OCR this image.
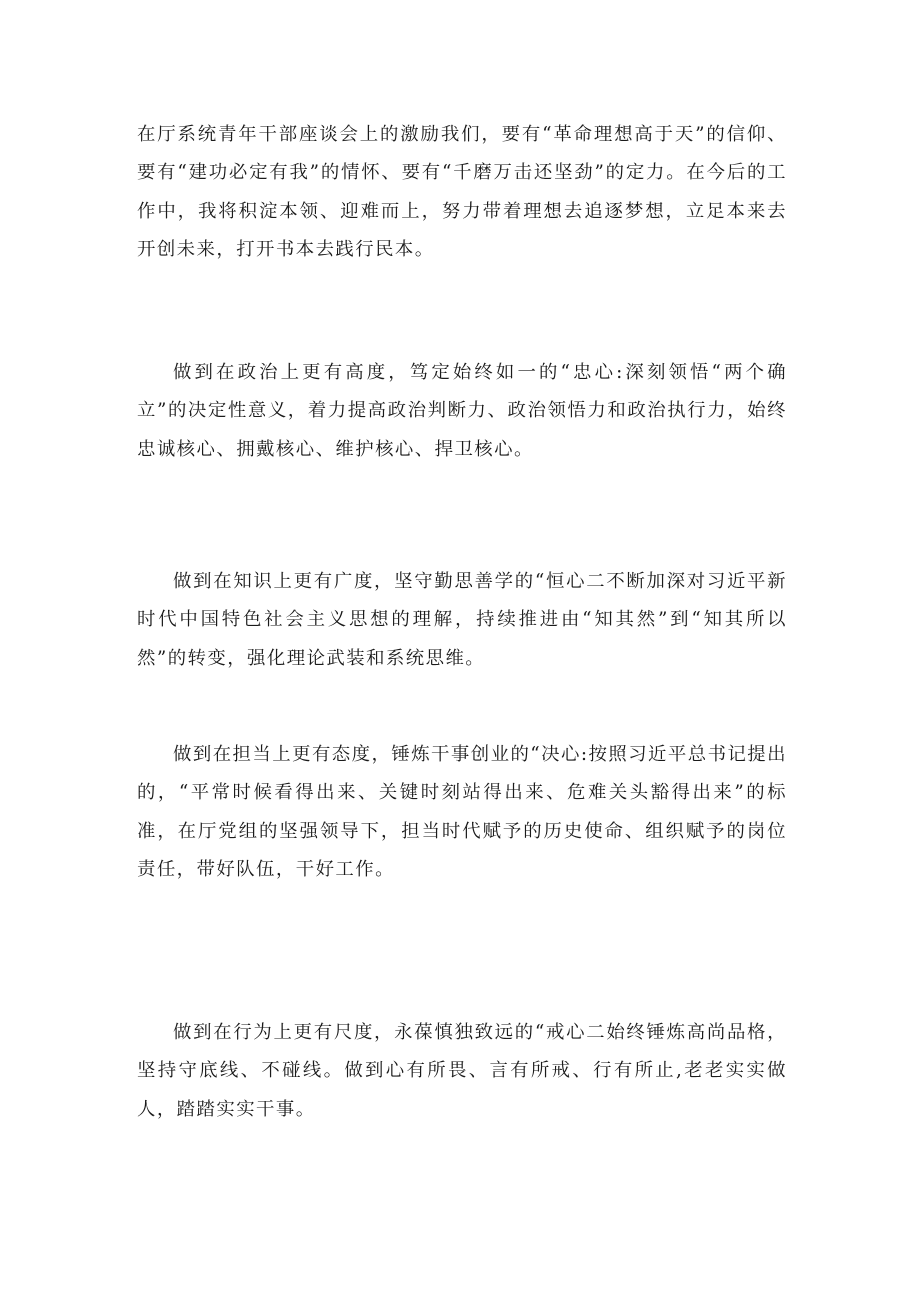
在厅系统青年干部座谈会上的激励我们，要有“革命理想高于天”的信仰、要有“建功必定有我”的情怀、要有“千磨万击还坚劲”的定力。在今后的工作中，我将积淀本领、迎难而上，努力带着理想去追逐梦想，立足本来去开创未来，打开书本去践行民本。

做到在政治上更有高度，笃定始终如一的“忠心:深刻领悟“两个确立”的决定性意义，着力提高政治判断力、政治领悟力和政治执行力，始终忠诚核心、拥戴核心、维护核心、捍卫核心。

做到在知识上更有广度，坚守勤思善学的“恒心二不断加深对习近平新时代中国特色社会主义思想的理解，持续推进由“知其然”到“知其所以然”的转变，强化理论武装和系统思维。

做到在担当上更有态度，锤炼干事创业的“决心:按照习近平总书记提出的，“平常时候看得出来、关键时刻站得出来、危难关头豁得出来”的标准，在厅党组的坚强领导下，担当时代赋予的历史使命、组织赋予的岗位责任，带好队伍，干好工作。

做到在行为上更有尺度，永葆慎独致远的“戒心二始终锤炼高尚品格，坚持守底线、不碰线。做到心有所畏、言有所戒、行有所止,老老实实做人，踏踏实实干事。
